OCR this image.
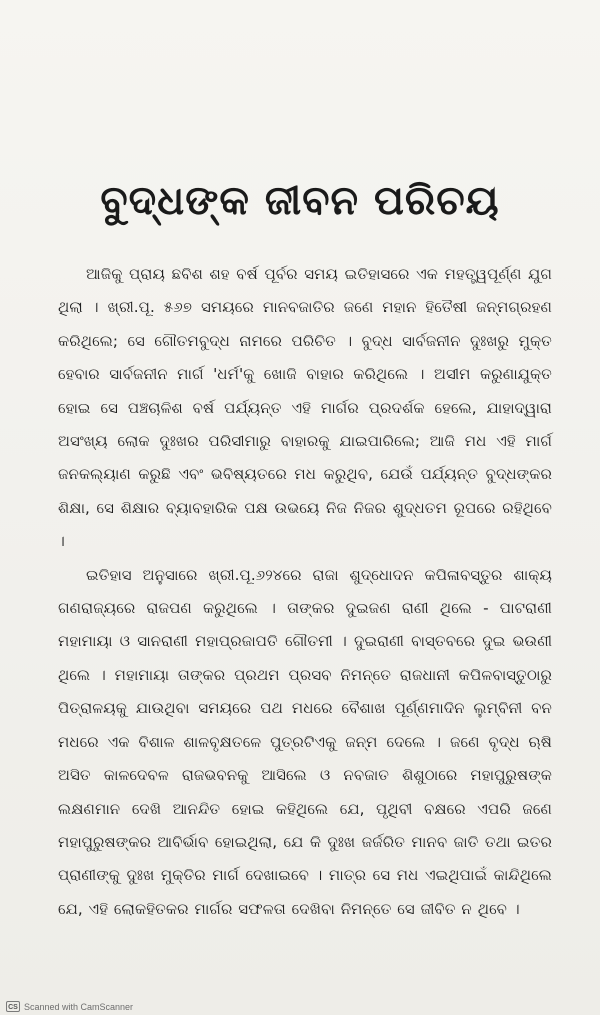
ବୁଦ୍ଧଙ୍କ ଜୀବନ ପରିଚୟ

ଆଜିକୁ ପ୍ରାୟ ଛବିଶ ଶହ ବର୍ଷ ପୂର୍ବର ସମୟ ଇତିହାସରେ ଏକ ମହତ୍ତ୍ୱପୂର୍ଣ୍ଣ ଯୁଗ ଥିଲା । ଖ୍ରୀ.ପୂ. ୫୬୭ ସମୟରେ ମାନବଜାତିର ଜଣେ ମହାନ ହିତୈଷୀ ଜନ୍ମଗ୍ରହଣ କରିଥିଲେ; ସେ ଗୌତମବୁଦ୍ଧ ନାମରେ ପରିଚିତ । ବୁଦ୍ଧ ସାର୍ବଜନୀନ ଦୁଃଖରୁ ମୁକ୍ତ ହେବାର ସାର୍ବଜନୀନ ମାର୍ଗ 'ଧର୍ମ'କୁ ଖୋଜି ବାହାର କରିଥିଲେ । ଅସୀମ କରୁଣାଯୁକ୍ତ ହୋଇ ସେ ପଞ୍ଚଚାଳିଶ ବର୍ଷ ପର୍ଯ୍ୟନ୍ତ ଏହି ମାର୍ଗର ପ୍ରଦର୍ଶକ ହେଲେ, ଯାହାଦ୍ୱାରା ଅସଂଖ୍ୟ ଲୋକ ଦୁଃଖର ପରିସୀମାରୁ ବାହାରକୁ ଯାଇପାରିଲେ; ଆଜି ମଧ ଏହି ମାର୍ଗ ଜନକଲ୍ୟାଣ କରୁଛି ଏବଂ ଭବିଷ୍ୟତରେ ମଧ କରୁଥିବ, ଯେଉଁ ପର୍ଯ୍ୟନ୍ତ ବୁଦ୍ଧଙ୍କର ଶିକ୍ଷା, ସେ ଶିକ୍ଷାର ବ୍ୟାବହାରିକ ପକ୍ଷ ଉଭୟେ ନିଜ ନିଜର ଶୁଦ୍ଧତମ ରୂପରେ ରହିଥିବେ ।

ଇତିହାସ ଅନୁସାରେ ଖ୍ରୀ.ପୂ.୬୨୪ରେ ରାଜା ଶୁଦ୍ଧୋଦନ କପିଳାବସ୍ତୁର ଶାକ୍ୟ ଗଣରାଜ୍ୟରେ ରାଜପଣ କରୁଥିଲେ । ତାଙ୍କର ଦୁଇଜଣ ରାଣୀ ଥିଲେ - ପାଟରାଣୀ ମହାମାୟା ଓ ସାନରାଣୀ ମହାପ୍ରଜାପତି ଗୌତମୀ । ଦୁଇରାଣୀ ବାସ୍ତବରେ ଦୁଇ ଭଉଣୀ ଥିଲେ । ମହାମାୟା ତାଙ୍କର ପ୍ରଥମ ପ୍ରସବ ନିମନ୍ତେ ରାଜଧାନୀ କପିଳବାସ୍ତୁଠାରୁ ପିତ୍ରାଳୟକୁ ଯାଉଥିବା ସମୟରେ ପଥ ମଧରେ ବୈଶାଖ ପୂର୍ଣ୍ଣମାଦିନ ଲୁମ୍ବିନୀ ବନ ମଧରେ ଏକ ବିଶାଳ ଶାଳବୃକ୍ଷତଳେ ପୁତ୍ରଟିଏକୁ ଜନ୍ମ ଦେଲେ । ଜଣେ ବୃଦ୍ଧ ଋଷି ଅସିତ କାଳଦେବଳ ରାଜଭବନକୁ ଆସିଲେ ଓ ନବଜାତ ଶିଶୁଠାରେ ମହାପୁରୁଷଙ୍କ ଲକ୍ଷଣମାନ ଦେଖି ଆନନ୍ଦିତ ହୋଇ କହିଥିଲେ ଯେ, ପୃଥିବୀ ବକ୍ଷରେ ଏପରି ଜଣେ ମହାପୁରୁଷଙ୍କର ଆବିର୍ଭାବ ହୋଇଥିଲା, ଯେ କି ଦୁଃଖ ଜର୍ଜରିତ ମାନବ ଜାତି ତଥା ଇତର ପ୍ରାଣୀଙ୍କୁ ଦୁଃଖ ମୁକ୍ତିର ମାର୍ଗ ଦେଖାଇବେ । ମାତ୍ର ସେ ମଧ ଏଇଥିପାଇଁ କାନ୍ଦିଥିଲେ ଯେ, ଏହି ଲୋକହିତକର ମାର୍ଗର ସଫଳତା ଦେଖିବା ନିମନ୍ତେ ସେ ଜୀବିତ ନ ଥିବେ ।

CS Scanned with CamScanner
